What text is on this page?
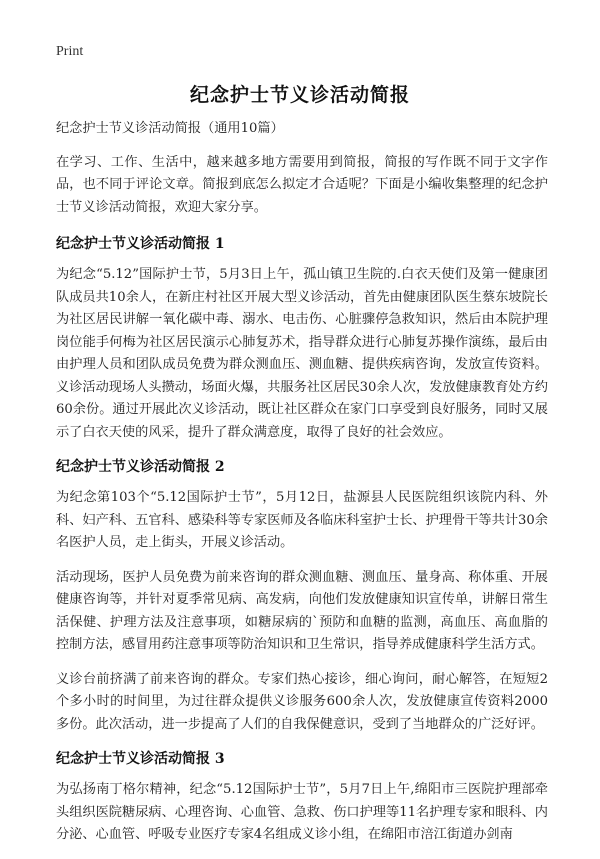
Print
纪念护士节义诊活动简报

纪念护士节义诊活动简报（通用10篇）

在学习、工作、生活中，越来越多地方需要用到简报，简报的写作既不同于文字作品，也不同于评论文章。简报到底怎么拟定才合适呢？下面是小编收集整理的纪念护士节义诊活动简报，欢迎大家分享。

纪念护士节义诊活动简报 1

为纪念“5.12”国际护士节，5月3日上午，孤山镇卫生院的.白衣天使们及第一健康团队成员共10余人，在新庄村社区开展大型义诊活动，首先由健康团队医生蔡东坡院长为社区居民讲解一氧化碳中毒、溺水、电击伤、心脏骤停急救知识，然后由本院护理岗位能手何梅为社区居民演示心肺复苏术，指导群众进行心肺复苏操作演练，最后由由护理人员和团队成员免费为群众测血压、测血糖、提供疾病咨询，发放宣传资料。义诊活动现场人头攒动，场面火爆，共服务社区居民30余人次，发放健康教育处方约60余份。通过开展此次义诊活动，既让社区群众在家门口享受到良好服务，同时又展示了白衣天使的风采，提升了群众满意度，取得了良好的社会效应。

纪念护士节义诊活动简报 2

为纪念第103个“5.12国际护士节”，5月12日，盐源县人民医院组织该院内科、外科、妇产科、五官科、感染科等专家医师及各临床科室护士长、护理骨干等共计30余名医护人员，走上街头，开展义诊活动。

活动现场，医护人员免费为前来咨询的群众测血糖、测血压、量身高、称体重、开展健康咨询等，并针对夏季常见病、高发病，向他们发放健康知识宣传单，讲解日常生活保健、护理方法及注意事项，如糖尿病的`预防和血糖的监测，高血压、高血脂的控制方法，感冒用药注意事项等防治知识和卫生常识，指导养成健康科学生活方式。

义诊台前挤满了前来咨询的群众。专家们热心接诊，细心询问，耐心解答，在短短2个多小时的时间里，为过往群众提供义诊服务600余人次，发放健康宣传资料2000多份。此次活动，进一步提高了人们的自我保健意识，受到了当地群众的广泛好评。

纪念护士节义诊活动简报 3

为弘扬南丁格尔精神，纪念“5.12国际护士节”，5月7日上午,绵阳市三医院护理部牵头组织医院糖尿病、心理咨询、心血管、急救、伤口护理等11名护理专家和眼科、内分泌、心血管、呼吸专业医疗专家4名组成义诊小组，在绵阳市涪江街道办剑南
